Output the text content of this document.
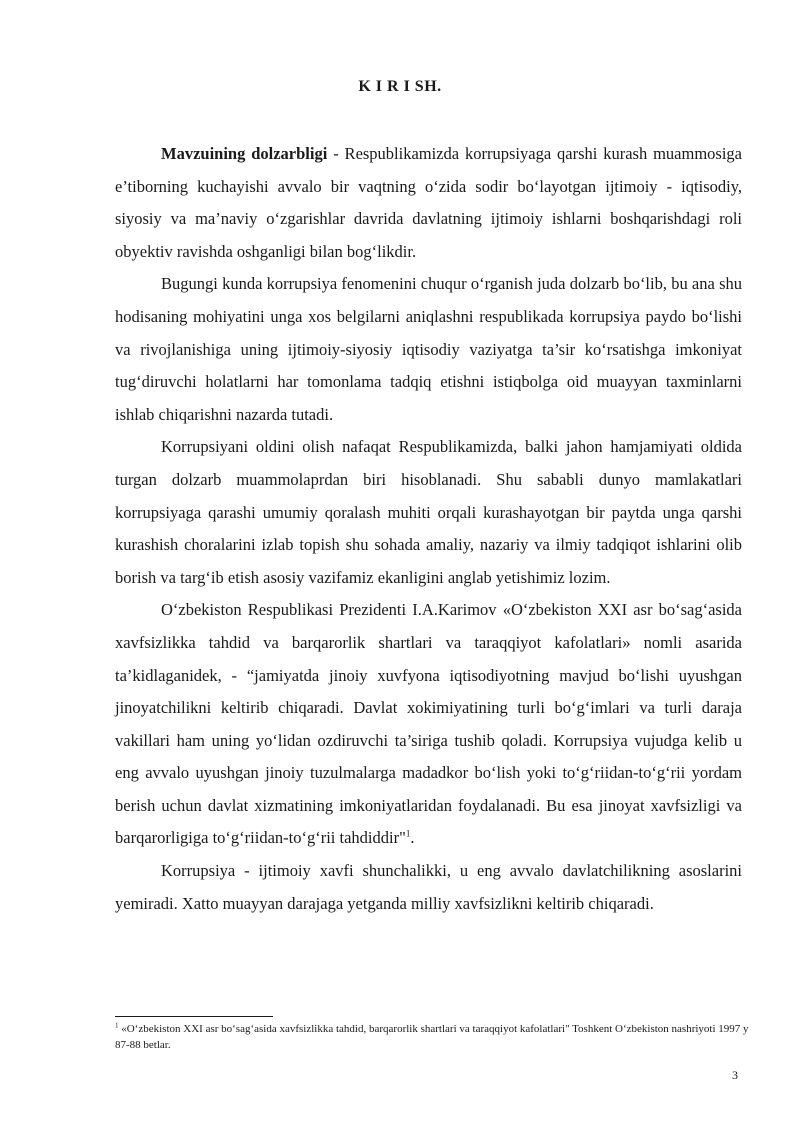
K I R I SH.

Mavzuining dolzarbligi - Respublikamizda korrupsiyaga qarshi kurash muammosiga e’tiborning kuchayishi avvalo bir vaqtning o‘zida sodir bo‘layotgan ijtimoiy - iqtisodiy, siyosiy va ma’naviy o‘zgarishlar davrida davlatning ijtimoiy ishlarni boshqarishdagi roli obyektiv ravishda oshganligi bilan bog‘likdir.

Bugungi kunda korrupsiya fenomenini chuqur o‘rganish juda dolzarb bo‘lib, bu ana shu hodisaning mohiyatini unga xos belgilarni aniqlashni respublikada korrupsiya paydo bo‘lishi va rivojlanishiga uning ijtimoiy-siyosiy iqtisodiy vaziyatga ta’sir ko‘rsatishga imkoniyat tug‘diruvchi holatlarni har tomonlama tadqiq etishni istiqbolga oid muayyan taxminlarni ishlab chiqarishni nazarda tutadi.

Korrupsiyani oldini olish nafaqat Respublikamizda, balki jahon hamjamiyati oldida turgan dolzarb muammolaprdan biri hisoblanadi. Shu sababli dunyo mamlakatlari korrupsiyaga qarashi umumiy qoralash muhiti orqali kurashayotgan bir paytda unga qarshi kurashish choralarini izlab topish shu sohada amaliy, nazariy va ilmiy tadqiqot ishlarini olib borish va targ‘ib etish asosiy vazifamiz ekanligini anglab yetishimiz lozim.

O‘zbekiston Respublikasi Prezidenti I.A.Karimov «O‘zbekiston XXI asr bo‘sag‘asida xavfsizlikka tahdid va barqarorlik shartlari va taraqqiyot kafolatlari» nomli asarida ta’kidlaganidek, - “jamiyatda jinoiy xuvfyona iqtisodiyotning mavjud bo‘lishi uyushgan jinoyatchilikni keltirib chiqaradi. Davlat xokimiyatining turli bo‘g‘imlari va turli daraja vakillari ham uning yo‘lidan ozdiruvchi ta’siriga tushib qoladi. Korrupsiya vujudga kelib u eng avvalo uyushgan jinoiy tuzulmalarga madadkor bo‘lish yoki to‘g‘riidan-to‘g‘rii yordam berish uchun davlat xizmatining imkoniyatlaridan foydalanadi. Bu esa jinoyat xavfsizligi va barqarorligiga to‘g‘riidan-to‘g‘rii tahdiddir"$^1$.

Korrupsiya - ijtimoiy xavfi shunchalikki, u eng avvalo davlatchilikning asoslarini yemiradi. Xatto muayyan darajaga yetganda milliy xavfsizlikni keltirib chiqaradi.

$^1$ «O‘zbekiston XXI asr bo‘sag‘asida xavfsizlikka tahdid, barqarorlik shartlari va taraqqiyot kafolatlari" Toshkent O‘zbekiston nashriyoti 1997 y 87-88 betlar.
3
